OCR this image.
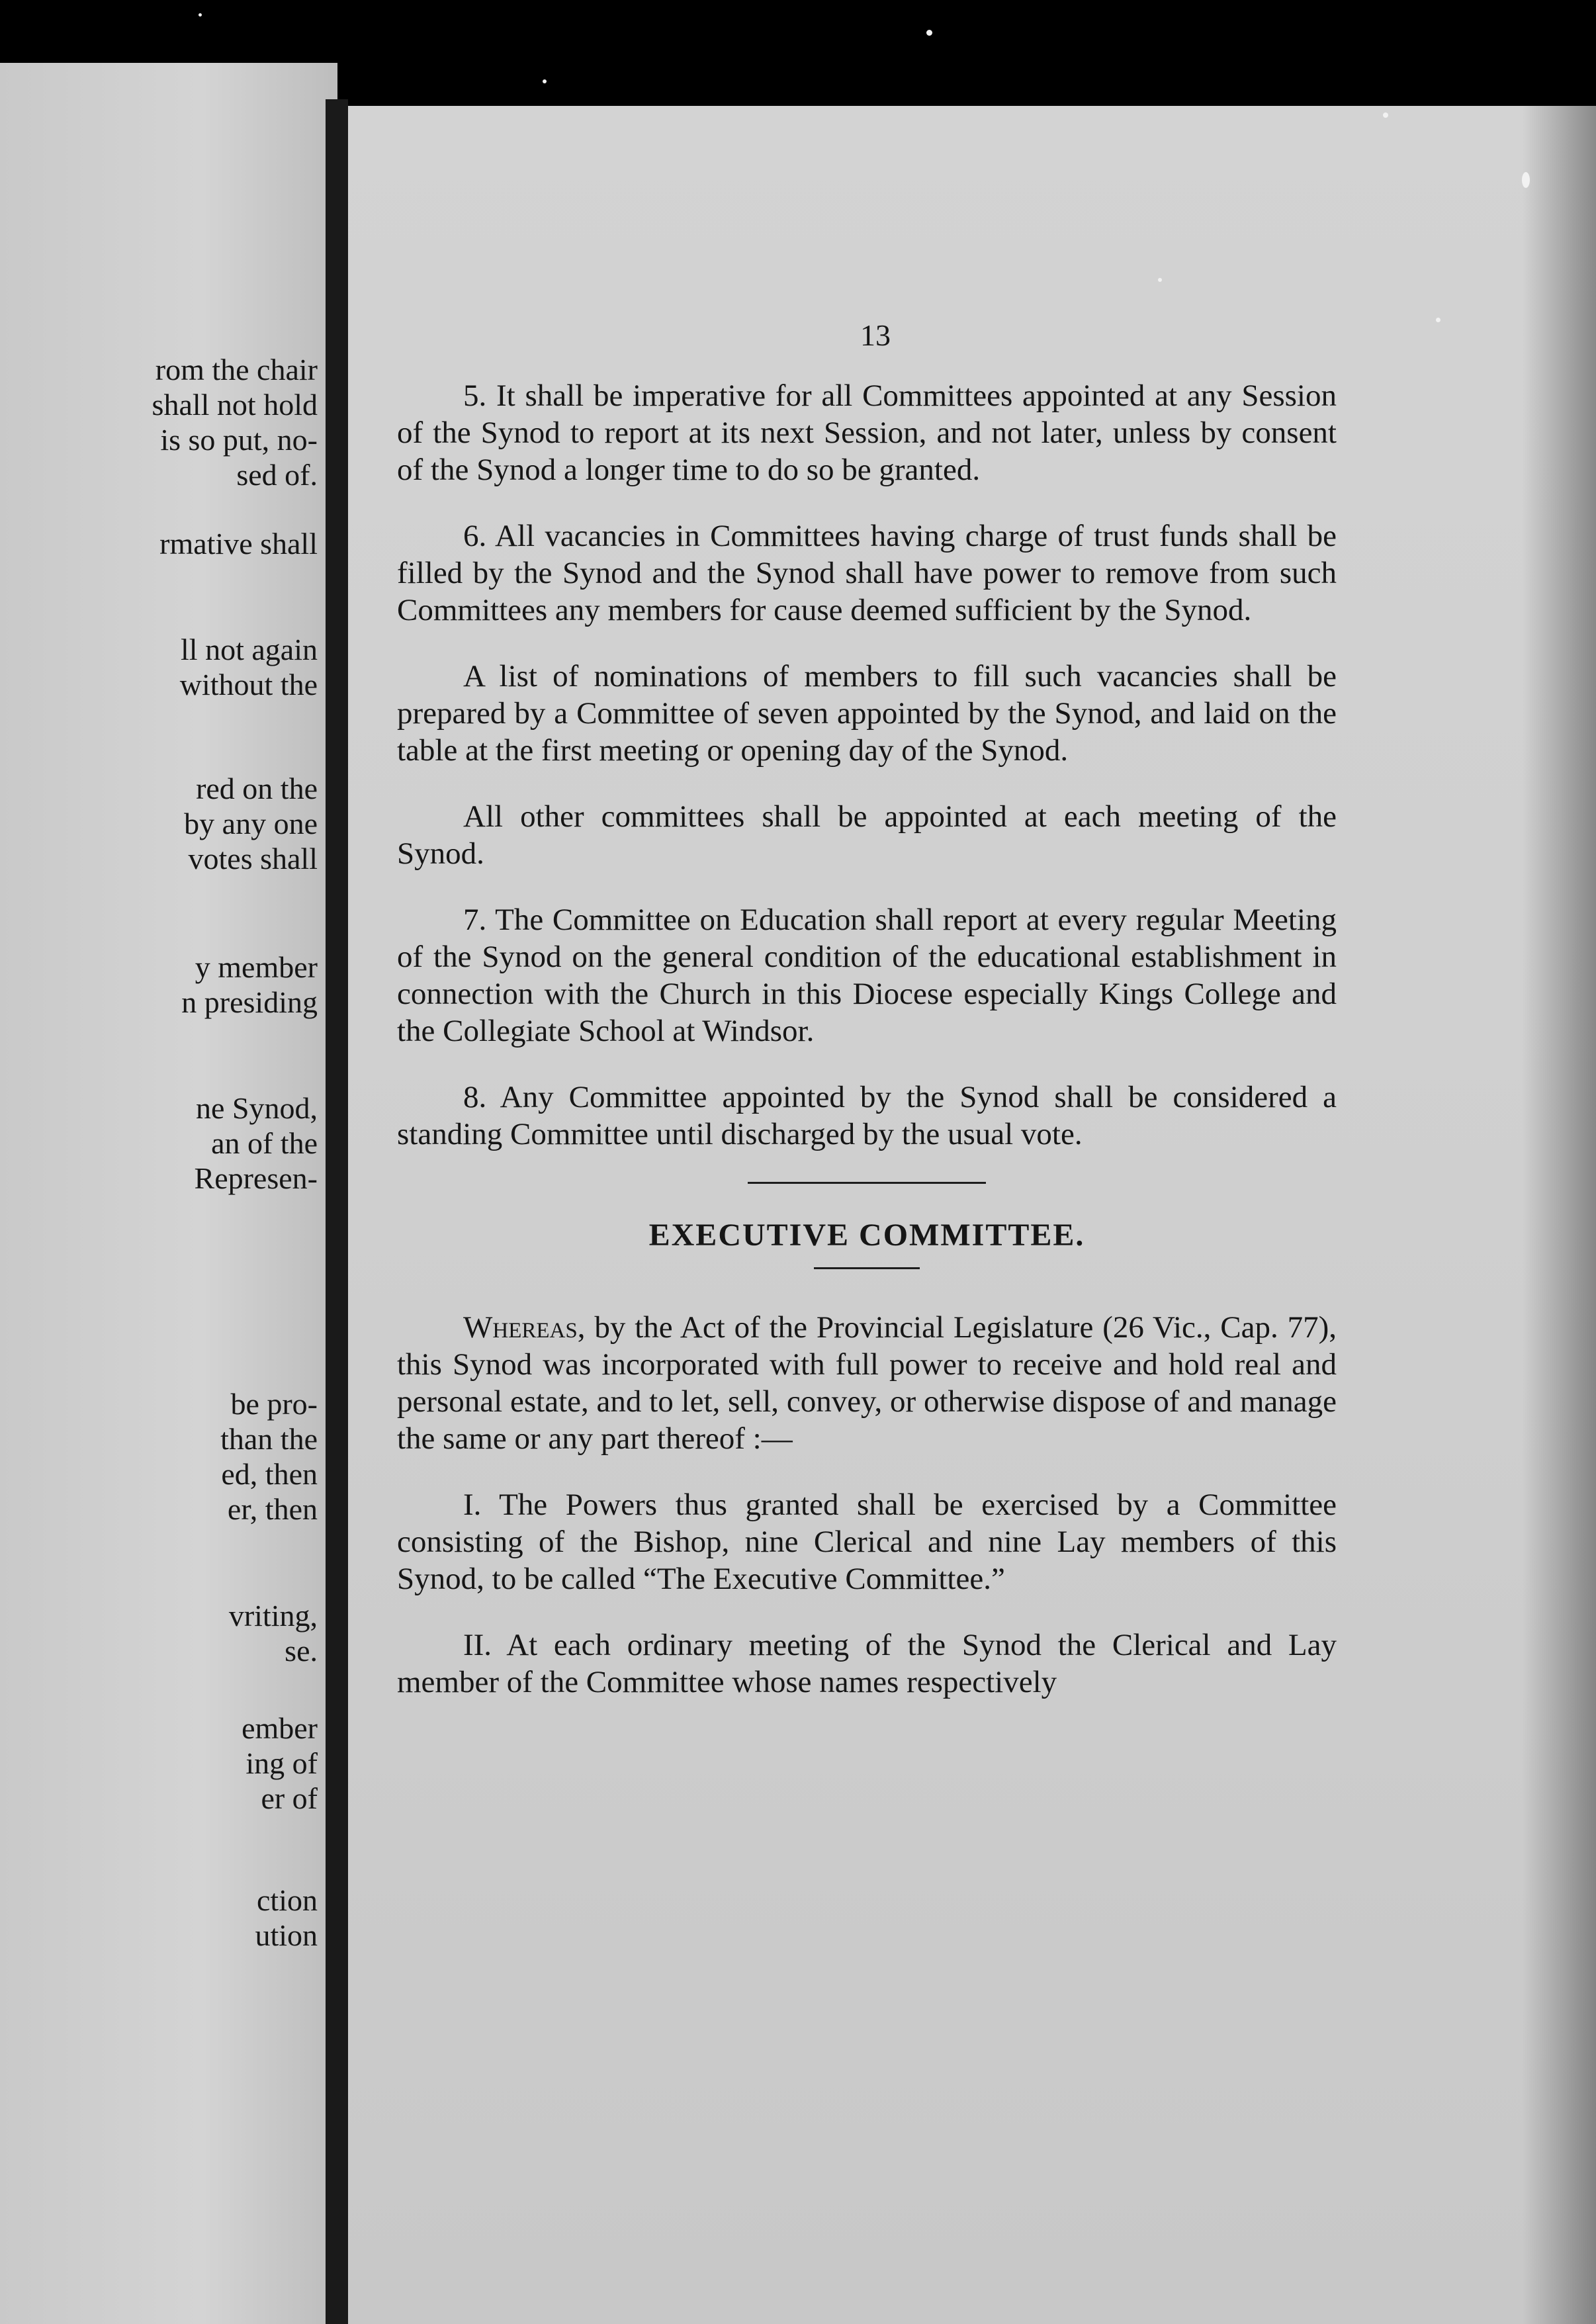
rom the chair
shall not hold
is so put, no-
sed of.
rmative shall
ll not again
without the
red on the
by any one
votes shall
y member
n presiding
ne Synod,
an of the
Represen-
be pro-
than the
ed, then
er, then
vriting,
se.
ember
ing of
er of
ction
ution
13

5. It shall be imperative for all Committees appointed at any Session of the Synod to report at its next Session, and not later, unless by consent of the Synod a longer time to do so be granted.

6. All vacancies in Committees having charge of trust funds shall be filled by the Synod and the Synod shall have power to remove from such Committees any members for cause deemed sufficient by the Synod.

A list of nominations of members to fill such vacancies shall be prepared by a Committee of seven appointed by the Synod, and laid on the table at the first meeting or opening day of the Synod.

All other committees shall be appointed at each meeting of the Synod.

7. The Committee on Education shall report at every regular Meeting of the Synod on the general condition of the educational establishment in connection with the Church in this Diocese especially Kings College and the Collegiate School at Windsor.

8. Any Committee appointed by the Synod shall be considered a standing Committee until discharged by the usual vote.

EXECUTIVE COMMITTEE.

Whereas, by the Act of the Provincial Legislature (26 Vic., Cap. 77), this Synod was incorporated with full power to receive and hold real and personal estate, and to let, sell, convey, or otherwise dispose of and manage the same or any part thereof :—

I. The Powers thus granted shall be exercised by a Committee consisting of the Bishop, nine Clerical and nine Lay members of this Synod, to be called “The Executive Committee.”

II. At each ordinary meeting of the Synod the Clerical and Lay member of the Committee whose names respectively
